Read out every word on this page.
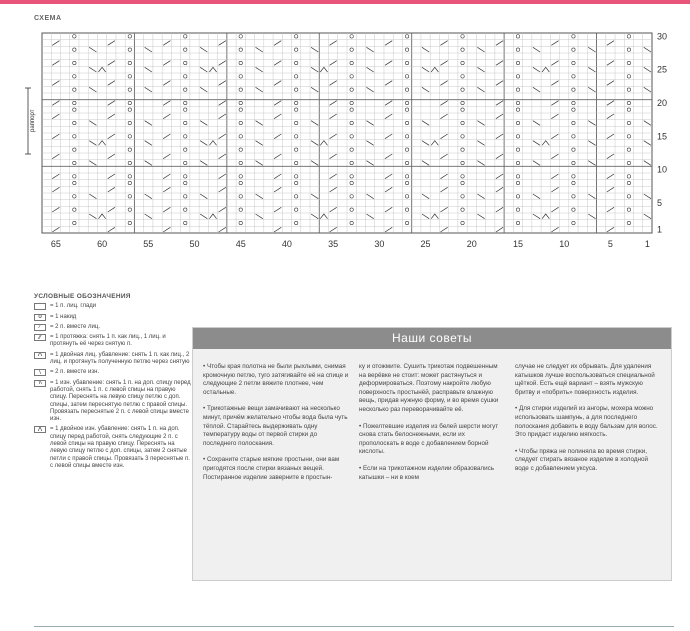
СХЕМА
30
25
20
15
10
5
1
65	60	55	50	45	40	35	30	25	20	15	10	5	1
раппорт
УСЛОВНЫЕ ОБОЗНАЧЕНИЯ
= 1 п. лиц. глади
o	= 1 накид
⁄	= 2 п. вместе лиц.
⁄⁄	= 1 протяжка: снять 1 п. как лиц., 1 лиц. и протянуть её через снятую п.
Λ	= 1 двойная лиц. убавление: снять 1 п. как лиц., 2 лиц. и протянуть полученную петлю через снятую
\	= 2 п. вместе изн.
\\	= 1 изн. убавление: снять 1 п. на доп. спицу перед работой, снять 1 п. с левой спицы на правую спицу. Переснять на левую спицу петлю с доп. спицы, затем переснятую петлю с правой спицы. Провязать переснятые 2 п. с левой спицы вместе изн.
Λ	= 1 двойное изн. убавление: снять 1 п. на доп. спицу перед работой, снять следующие 2 п. с левой спицы на правую спицу. Переснять на левую спицу петлю с доп. спицы, затем 2 снятые петли с правой спицы. Провязать 3 переснятые п. с левой спицы вместе изн.
Наши советы

• Чтобы края полотна не были рыхлыми, снимая кромочную петлю, туго затягивайте её на спице и следующие 2 петли вяжите плотнее, чем остальные.

• Трикотажные вещи замачивают на несколько минут, причём желательно чтобы вода была чуть тёплой. Старайтесь выдерживать одну температуру воды от первой стирки до последнего полоскания.

• Сохраните старые мягкие простыни, они вам пригодятся после стирки вязаных вещей. Постиранное изделие заверните в простын-

ку и отожмите. Сушить трикотаж подвешенным на верёвке не стоит: может растянуться и деформироваться. Поэтому накройте любую поверхность простынёй, расправьте влажную вещь, придав нужную форму, и во время сушки несколько раз переворачивайте её.

• Пожелтевшие изделия из белей шерсти могут снова стать белоснежными, если их прополоскать в воде с добавлением борной кислоты.

• Если на трикотажном изделии образовались катышки – ни в коем

случае не следует их обрывать. Для удаления катышков лучше воспользоваться специальной щёткой. Есть ещё вариант – взять мужскую бритву и «побрить» поверхность изделия.

• Для стирки изделий из ангоры, мохера можно использовать шампунь, а для последнего полоскания добавить в воду бальзам для волос. Это придаст изделию мягкость.

• Чтобы пряжа не полиняла во время стирки, следует стирать вязаное изделие в холодной воде с добавлением уксуса.
